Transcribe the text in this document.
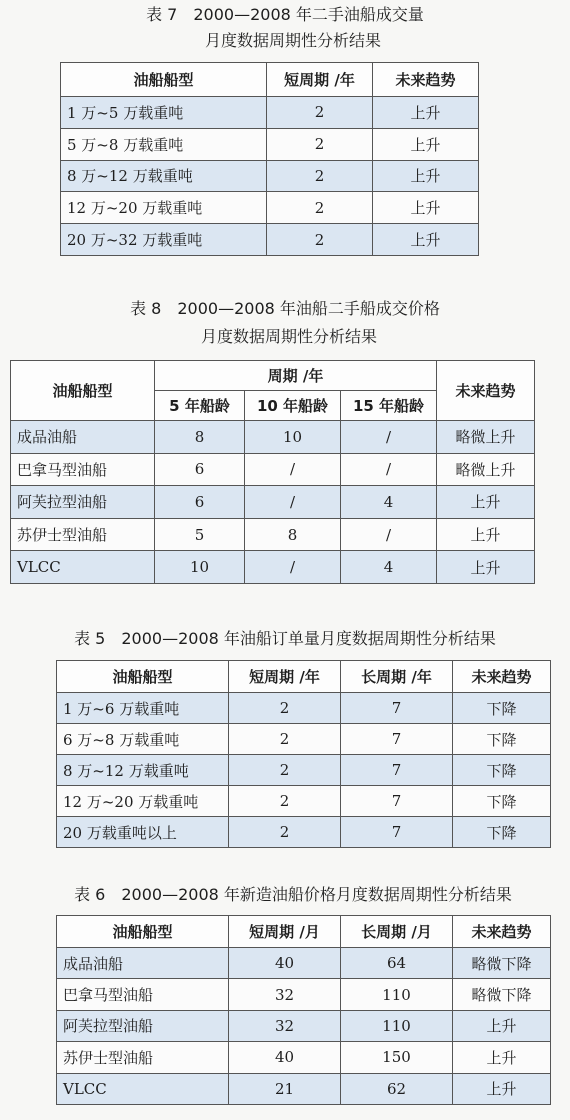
表 7　2000—2008 年二手油船成交量
月度数据周期性分析结果
油船船型	短周期 /年	未来趋势
1 万~5 万载重吨	2	上升
5 万~8 万载重吨	2	上升
8 万~12 万载重吨	2	上升
12 万~20 万载重吨	2	上升
20 万~32 万载重吨	2	上升
表 8　2000—2008 年油船二手船成交价格
月度数据周期性分析结果
油船船型	周期 /年			未来趋势
	5 年船龄	10 年船龄	15 年船龄	
成品油船	8	10	/	略微上升
巴拿马型油船	6	/	/	略微上升
阿芙拉型油船	6	/	4	上升
苏伊士型油船	5	8	/	上升
VLCC	10	/	4	上升
表 5　2000—2008 年油船订单量月度数据周期性分析结果
油船船型	短周期 /年	长周期 /年	未来趋势
1 万~6 万载重吨	2	7	下降
6 万~8 万载重吨	2	7	下降
8 万~12 万载重吨	2	7	下降
12 万~20 万载重吨	2	7	下降
20 万载重吨以上	2	7	下降
表 6　2000—2008 年新造油船价格月度数据周期性分析结果
油船船型	短周期 /月	长周期 /月	未来趋势
成品油船	40	64	略微下降
巴拿马型油船	32	110	略微下降
阿芙拉型油船	32	110	上升
苏伊士型油船	40	150	上升
VLCC	21	62	上升
